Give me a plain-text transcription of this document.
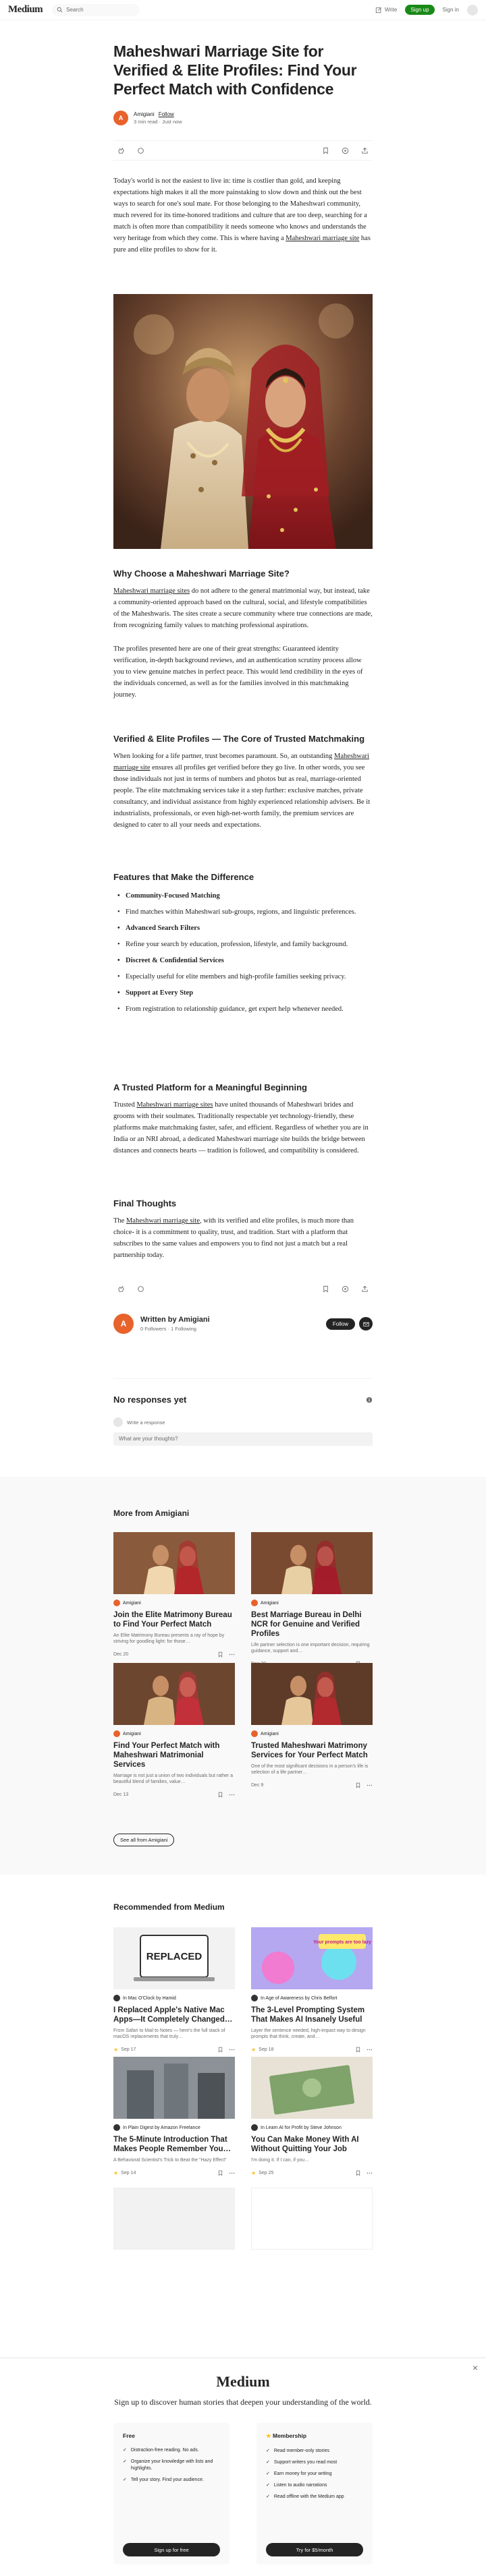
Medium	Search	Write	Sign up	Sign in
Maheshwari Marriage Site for Verified & Elite Profiles: Find Your Perfect Match with Confidence
A
Amigiani Follow
3 min read · Just now

Today's world is not the easiest to live in: time is costlier than gold, and keeping expectations high makes it all the more painstaking to slow down and think out the best ways to search for one's soul mate. For those belonging to the Maheshwari community, much revered for its time-honored traditions and culture that are too deep, searching for a match is often more than compatibility it needs someone who knows and understands the very heritage from which they come. This is where having a Maheshwari marriage site has pure and elite profiles to show for it.

Why Choose a Maheshwari Marriage Site?

Maheshwari marriage sites do not adhere to the general matrimonial way, but instead, take a community-oriented approach based on the cultural, social, and lifestyle compatibilities of the Maheshwaris. The sites create a secure community where true connections are made, from recognizing family values to matching professional aspirations.

The profiles presented here are one of their great strengths: Guaranteed identity verification, in-depth background reviews, and an authentication scrutiny process allow you to view genuine matches in perfect peace. This would lend credibility in the eyes of the individuals concerned, as well as for the families involved in this matchmaking journey.

Verified & Elite Profiles — The Core of Trusted Matchmaking

When looking for a life partner, trust becomes paramount. So, an outstanding Maheshwari marriage site ensures all profiles get verified before they go live. In other words, you see those individuals not just in terms of numbers and photos but as real, marriage-oriented people. The elite matchmaking services take it a step further: exclusive matches, private consultancy, and individual assistance from highly experienced relationship advisers. Be it industrialists, professionals, or even high-net-worth family, the premium services are designed to cater to all your needs and expectations.

Features that Make the Difference
• Community-Focused Matching
• Find matches within Maheshwari sub-groups, regions, and linguistic preferences.
• Advanced Search Filters
• Refine your search by education, profession, lifestyle, and family background.
• Discreet & Confidential Services
• Especially useful for elite members and high-profile families seeking privacy.
• Support at Every Step
• From registration to relationship guidance, get expert help whenever needed.
A Trusted Platform for a Meaningful Beginning

Trusted Maheshwari marriage sites have united thousands of Maheshwari brides and grooms with their soulmates. Traditionally respectable yet technology-friendly, these platforms make matchmaking faster, safer, and efficient. Regardless of whether you are in India or an NRI abroad, a dedicated Maheshwari marriage site builds the bridge between distances and connects hearts — tradition is followed, and compatibility is considered.

Final Thoughts

The Maheshwari marriage site, with its verified and elite profiles, is much more than choice- it is a commitment to quality, trust, and tradition. Start with a platform that subscribes to the same values and empowers you to find not just a match but a real partnership today.

A	Written by Amigiani
0 Followers · 1 Following
Follow
No responses yet
Write a response
What are your thoughts?
More from Amigiani
Amigiani
Join the Elite Matrimony Bureau to Find Your Perfect Match
An Elite Matrimony Bureau presents a ray of hope by striving for goodling light: for those…
Dec 20
Amigiani
Best Marriage Bureau in Delhi NCR for Genuine and Verified Profiles
Life partner selection is one important decision, requiring guidance, support and…
Amigiani
Find Your Perfect Match with Maheshwari Matrimonial Services
Marriage is not just a union of two individuals but rather a beautiful blend of families, value…
Dec 13
Amigiani
Trusted Maheshwari Matrimony Services for Your Perfect Match
One of the most significant decisions in a person's life is selection of a life partner…
Dec 9
See all from Amigiani
Recommended from Medium
REPLACED
In Mac O'Clock by Hamid
I Replaced Apple's Native Mac Apps—It Completely Changed…
From Safari to Mail to Notes — here's the full stack of macOS replacements that truly…
★ Sep 17
Your prompts are too lazy
In Age of Awareness by Chris Belfort
The 3-Level Prompting System That Makes AI Insanely Useful
Layer the sentence needed, high-impact way to design prompts that think, create, and…
★ Sep 18
In Plain Digest by Amazon Freelance
The 5-Minute Introduction That Makes People Remember You…
A Behavioral Scientist's Trick to Beat the "Hazy Effect"
★ Sep 14
In Learn AI for Profit by Steve Johnson
You Can Make Money With AI Without Quitting Your Job
I'm doing it. If I can, if you…
★ Sep 25
×
Medium
Sign up to discover human stories that deepen your understanding of the world.
Free
✓ Distraction-free reading. No ads.
✓ Organize your knowledge with lists and highlights.
✓ Tell your story. Find your audience.
Sign up for free
★ Membership
✓ Read member-only stories
✓ Support writers you read most
✓ Earn money for your writing
✓ Listen to audio narrations
✓ Read offline with the Medium app
Try for $5/month
